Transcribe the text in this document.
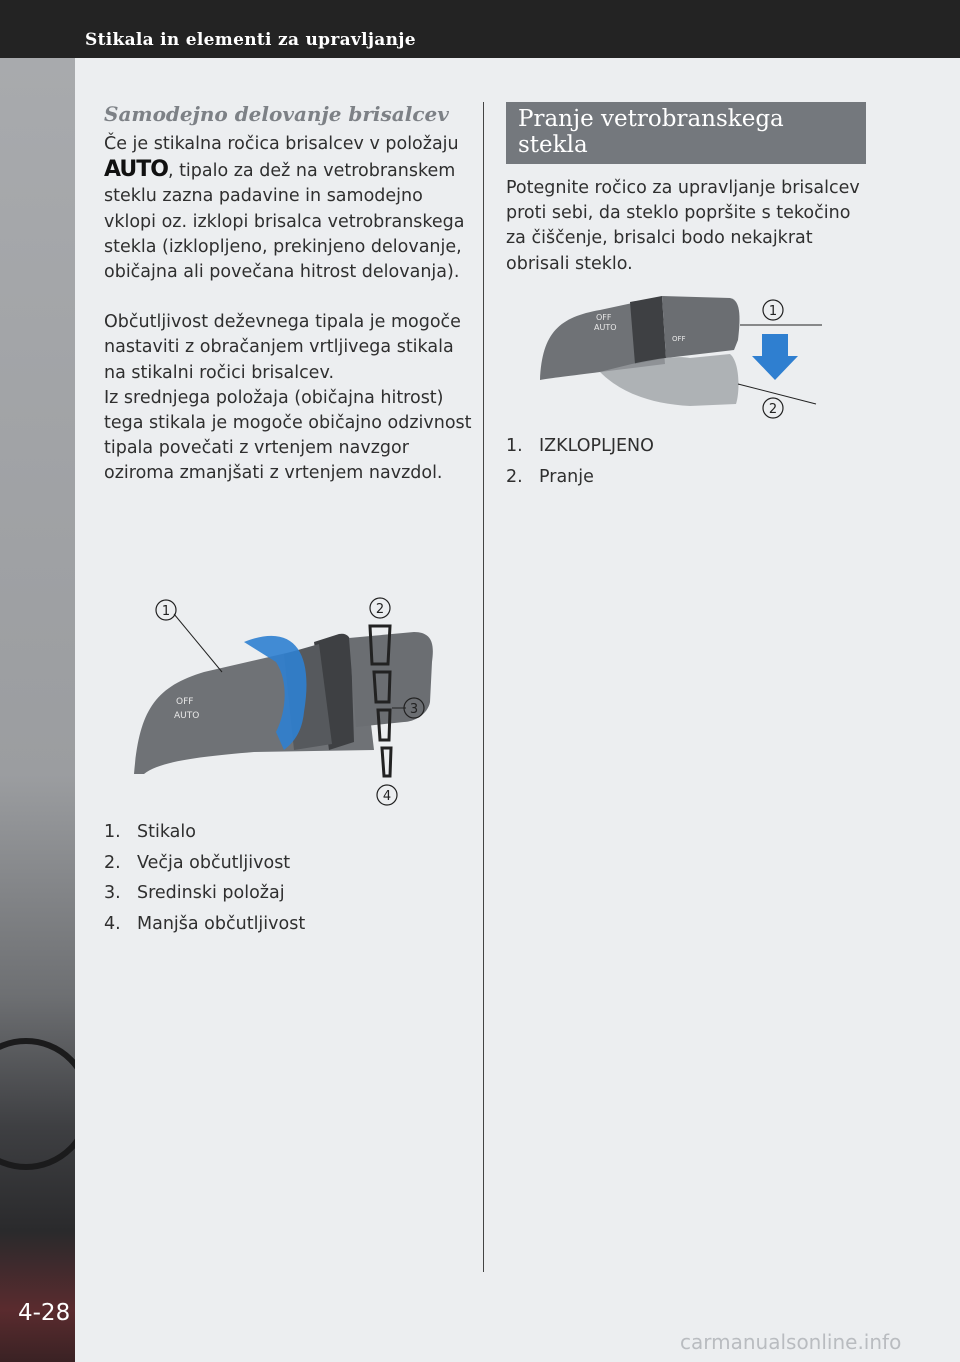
Stikala in elementi za upravljanje
4-28
Samodejno delovanje brisalcev

Če je stikalna ročica brisalcev v položaju AUTO, tipalo za dež na vetrobranskem steklu zazna padavine in samodejno vklopi oz. izklopi brisalca vetrobranskega stekla (izklopljeno, prekinjeno delovanje, običajna ali povečana hitrost delovanja).

Občutljivost deževnega tipala je mogoče nastaviti z obračanjem vrtljivega stikala na stikalni ročici brisalcev.

Iz srednjega položaja (običajna hitrost) tega stikala je mogoče običajno odzivnost tipala povečati z vrtenjem navzgor oziroma zmanjšati z vrtenjem navzdol.

OFF
AUTO
1	2
3
4
1. Stikalo
2. Večja občutljivost
3. Sredinski položaj
4. Manjša občutljivost
Pranje vetrobranskega stekla

Potegnite ročico za upravljanje brisalcev proti sebi, da steklo popršite s tekočino za čiščenje, brisalci bodo nekajkrat obrisali steklo.

OFF
AUTO
OFF
1
2
1. IZKLOPLJENO
2. Pranje
carmanualsonline.info
